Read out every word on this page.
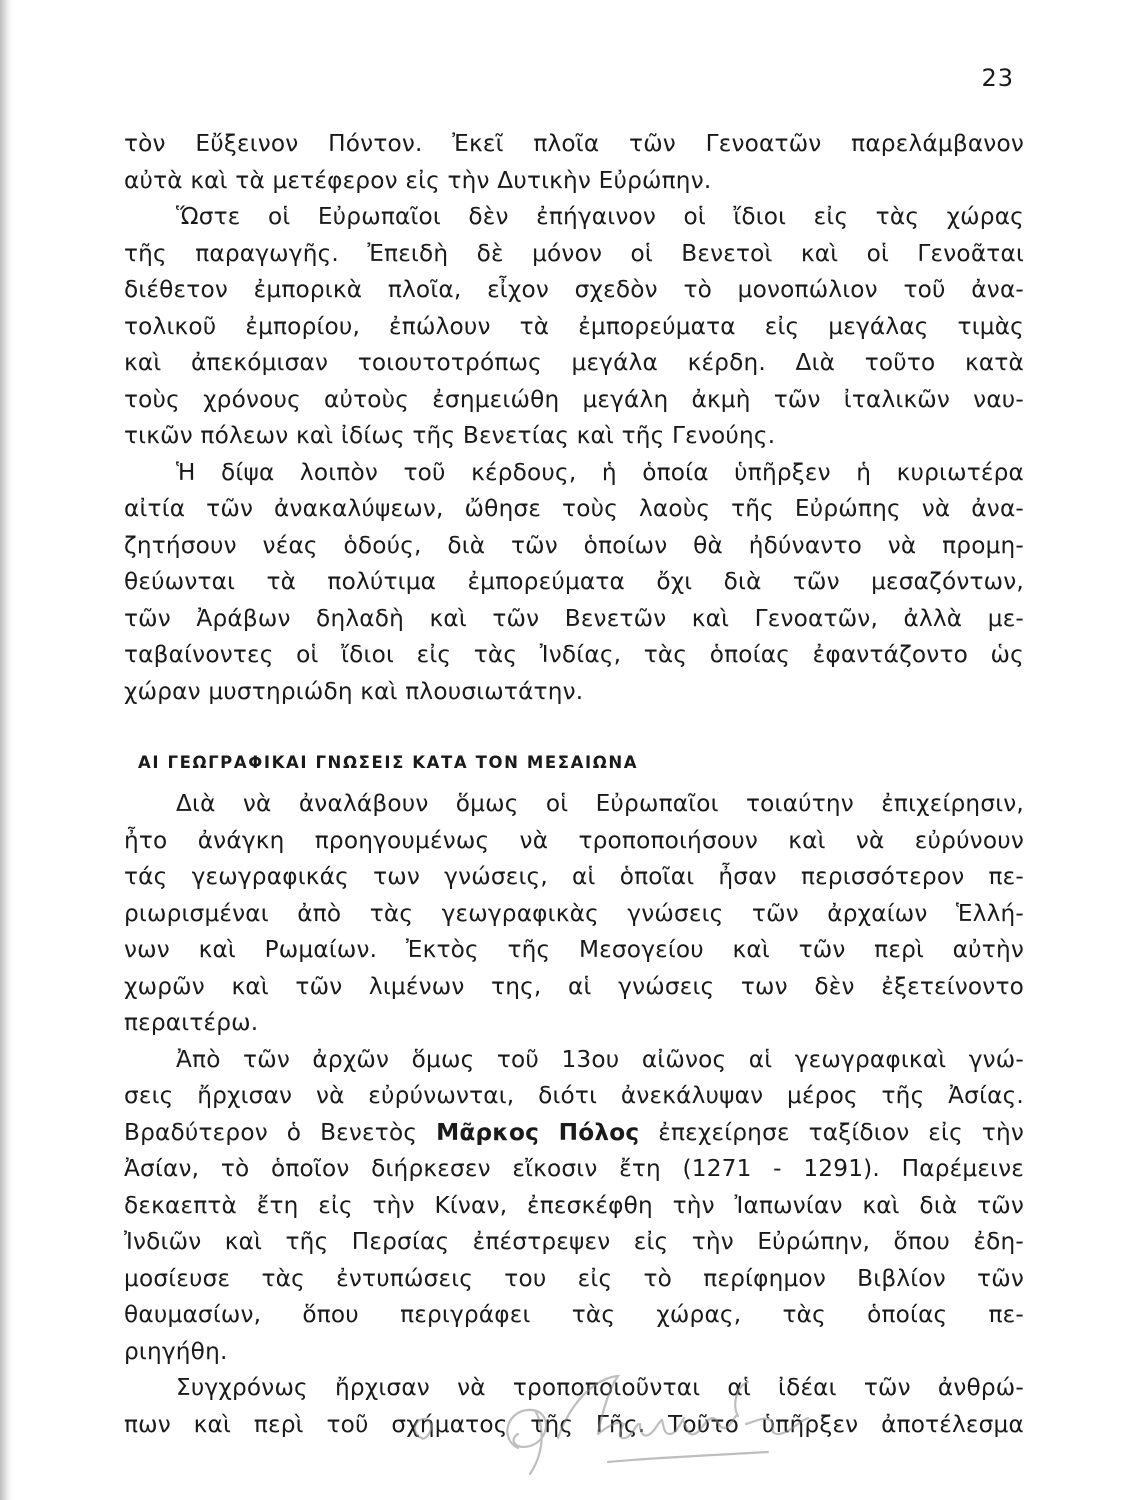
23
τὸν Εὔξεινον Πόντον. Ἐκεῖ πλοῖα τῶν Γενοατῶν παρελάμβανον
αὐτὰ καὶ τὰ μετέφερον εἰς τὴν Δυτικὴν Εὐρώπην.
Ὥστε οἱ Εὐρωπαῖοι δὲν ἐπήγαινον οἱ ἴδιοι εἰς τὰς χώρας
τῆς παραγωγῆς. Ἐπειδὴ δὲ μόνον οἱ Βενετοὶ καὶ οἱ Γενοᾶται
διέθετον ἐμπορικὰ πλοῖα, εἶχον σχεδὸν τὸ μονοπώλιον τοῦ ἀνα-
τολικοῦ ἐμπορίου, ἐπώλουν τὰ ἐμπορεύματα εἰς μεγάλας τιμὰς
καὶ ἀπεκόμισαν τοιουτοτρόπως μεγάλα κέρδη. Διὰ τοῦτο κατὰ
τοὺς χρόνους αὐτοὺς ἐσημειώθη μεγάλη ἀκμὴ τῶν ἰταλικῶν ναυ-
τικῶν πόλεων καὶ ἰδίως τῆς Βενετίας καὶ τῆς Γενούης.
Ἡ δίψα λοιπὸν τοῦ κέρδους, ἡ ὁποία ὑπῆρξεν ἡ κυριωτέρα
αἰτία τῶν ἀνακαλύψεων, ὤθησε τοὺς λαοὺς τῆς Εὐρώπης νὰ ἀνα-
ζητήσουν νέας ὁδούς, διὰ τῶν ὁποίων θὰ ἠδύναντο νὰ προμη-
θεύωνται τὰ πολύτιμα ἐμπορεύματα ὄχι διὰ τῶν μεσαζόντων,
τῶν Ἀράβων δηλαδὴ καὶ τῶν Βενετῶν καὶ Γενοατῶν, ἀλλὰ με-
ταβαίνοντες οἱ ἴδιοι εἰς τὰς Ἰνδίας, τὰς ὁποίας ἐφαντάζοντο ὡς
χώραν μυστηριώδη καὶ πλουσιωτάτην.
ΑΙ ΓΕΩΓΡΑΦΙΚΑΙ ΓΝΩΣΕΙΣ ΚΑΤΑ ΤΟΝ ΜΕΣΑΙΩΝΑ
Διὰ νὰ ἀναλάβουν ὅμως οἱ Εὐρωπαῖοι τοιαύτην ἐπιχείρησιν,
ἦτο ἀνάγκη προηγουμένως νὰ τροποποιήσουν καὶ νὰ εὐρύνουν
τάς γεωγραφικάς των γνώσεις, αἱ ὁποῖαι ἦσαν περισσότερον πε-
ριωρισμέναι ἀπὸ τὰς γεωγραφικὰς γνώσεις τῶν ἀρχαίων Ἑλλή-
νων καὶ Ρωμαίων. Ἐκτὸς τῆς Μεσογείου καὶ τῶν περὶ αὐτὴν
χωρῶν καὶ τῶν λιμένων της, αἱ γνώσεις των δὲν ἐξετείνοντο
περαιτέρω.
Ἀπὸ τῶν ἀρχῶν ὅμως τοῦ 13ου αἰῶνος αἱ γεωγραφικαὶ γνώ-
σεις ἤρχισαν νὰ εὐρύνωνται, διότι ἀνεκάλυψαν μέρος τῆς Ἀσίας.
Βραδύτερον ὁ Βενετὸς Μᾶρκος Πόλος ἐπεχείρησε ταξίδιον εἰς τὴν
Ἀσίαν, τὸ ὁποῖον διήρκεσεν εἴκοσιν ἔτη (1271 - 1291). Παρέμεινε
δεκαεπτὰ ἔτη εἰς τὴν Κίναν, ἐπεσκέφθη τὴν Ἰαπωνίαν καὶ διὰ τῶν
Ἰνδιῶν καὶ τῆς Περσίας ἐπέστρεψεν εἰς τὴν Εὐρώπην, ὅπου ἐδη-
μοσίευσε τὰς ἐντυπώσεις του εἰς τὸ περίφημον Βιβλίον τῶν
θαυμασίων, ὅπου περιγράφει τὰς χώρας, τὰς ὁποίας πε-
ριηγήθη.
Συγχρόνως ἤρχισαν νὰ τροποποιοῦνται αἱ ἰδέαι τῶν ἀνθρώ-
πων καὶ περὶ τοῦ σχήματος τῆς Γῆς. Τοῦτο ὑπῆρξεν ἀποτέλεσμα
Σπινάδας
